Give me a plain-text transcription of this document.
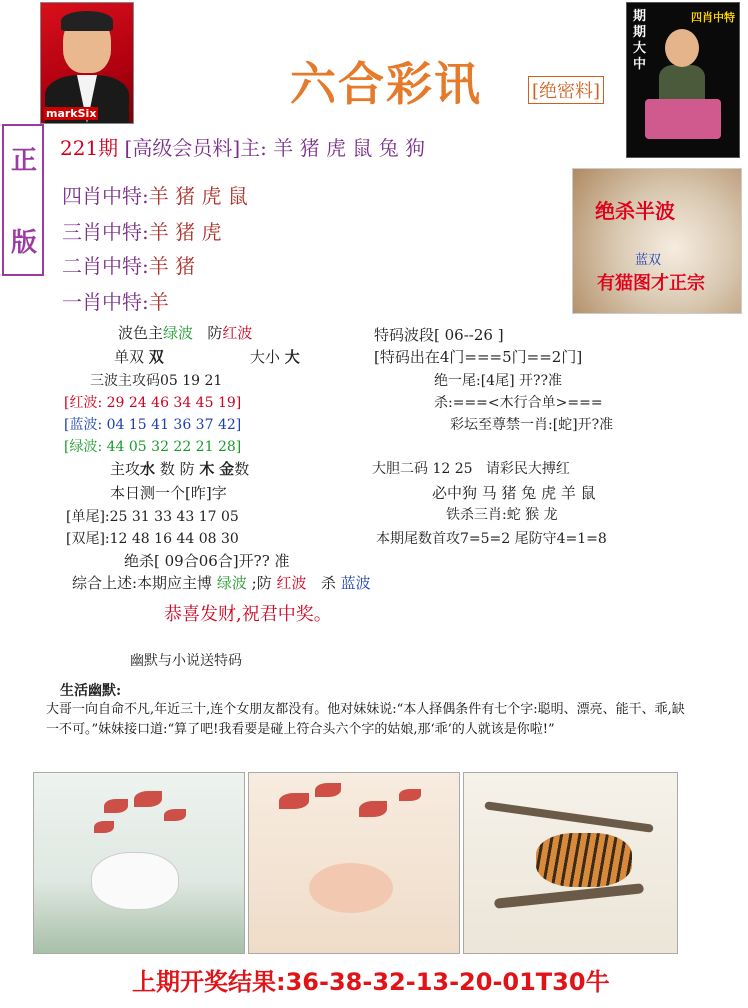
markSix
六合彩讯	[绝密料]
期期大中
四肖中特
正
版
221期 [高级会员料]主: 羊 猪 虎 鼠 兔 狗
四肖中特:羊 猪 虎 鼠
三肖中特:羊 猪 虎
二肖中特:羊 猪
一肖中特:羊
绝杀半波
蓝双
有猫图才正宗
波色主绿波 防红波
单双 双	大小 大
三波主攻码05 19 21
[红波: 29 24 46 34 45 19]
[蓝波: 04 15 41 36 37 42]
[绿波: 44 05 32 22 21 28]
主攻水 数 防 木 金数
本日测一个[昨]字
[单尾]:25 31 33 43 17 05
[双尾]:12 48 16 44 08 30
绝杀[ 09合06合]开?? 准
综合上述:本期应主博 绿波 ;防 红波 杀 蓝波
恭喜发财,祝君中奖。
特码波段[ 06--26 ]
[特码出在4门===5门==2门]
绝一尾:[4尾] 开??准
杀:===<木行合单>===
彩坛至尊禁一肖:[蛇]开?准
大胆二码 12 25 请彩民大搏红
必中狗 马 猪 兔 虎 羊 鼠
铁杀三肖:蛇 猴 龙
本期尾数首攻7=5=2 尾防守4=1=8
幽默与小说送特码
生活幽默:
大哥一向自命不凡,年近三十,连个女朋友都没有。他对妹妹说:“本人择偶条件有七个字:聪明、漂亮、能干、乖,缺一不可。”妹妹接口道:“算了吧!我看要是碰上符合头六个字的姑娘,那‘乖’的人就该是你啦!”
上期开奖结果:36-38-32-13-20-01T30牛
